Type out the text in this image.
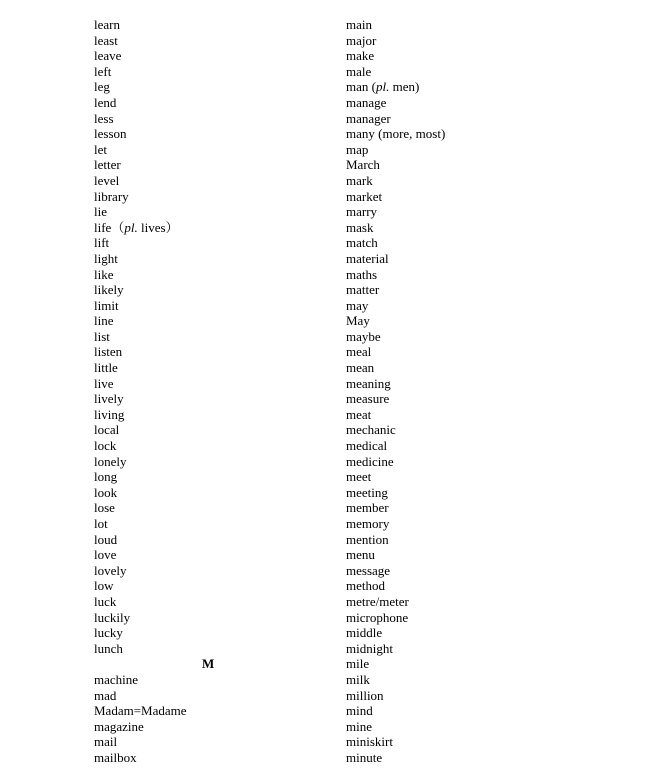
learn
least
leave
left
leg
lend
less
lesson
let
letter
level
library
lie
life（pl. lives）
lift
light
like
likely
limit
line
list
listen
little
live
lively
living
local
lock
lonely
long
look
lose
lot
loud
love
lovely
low
luck
luckily
lucky
lunch
M
machine
mad
Madam=Madame
magazine
mail
mailbox
main
major
make
male
man (pl. men)
manage
manager
many (more, most)
map
March
mark
market
marry
mask
match
material
maths
matter
may
May
maybe
meal
mean
meaning
measure
meat
mechanic
medical
medicine
meet
meeting
member
memory
mention
menu
message
method
metre/meter
microphone
middle
midnight
mile
milk
million
mind
mine
miniskirt
minute
